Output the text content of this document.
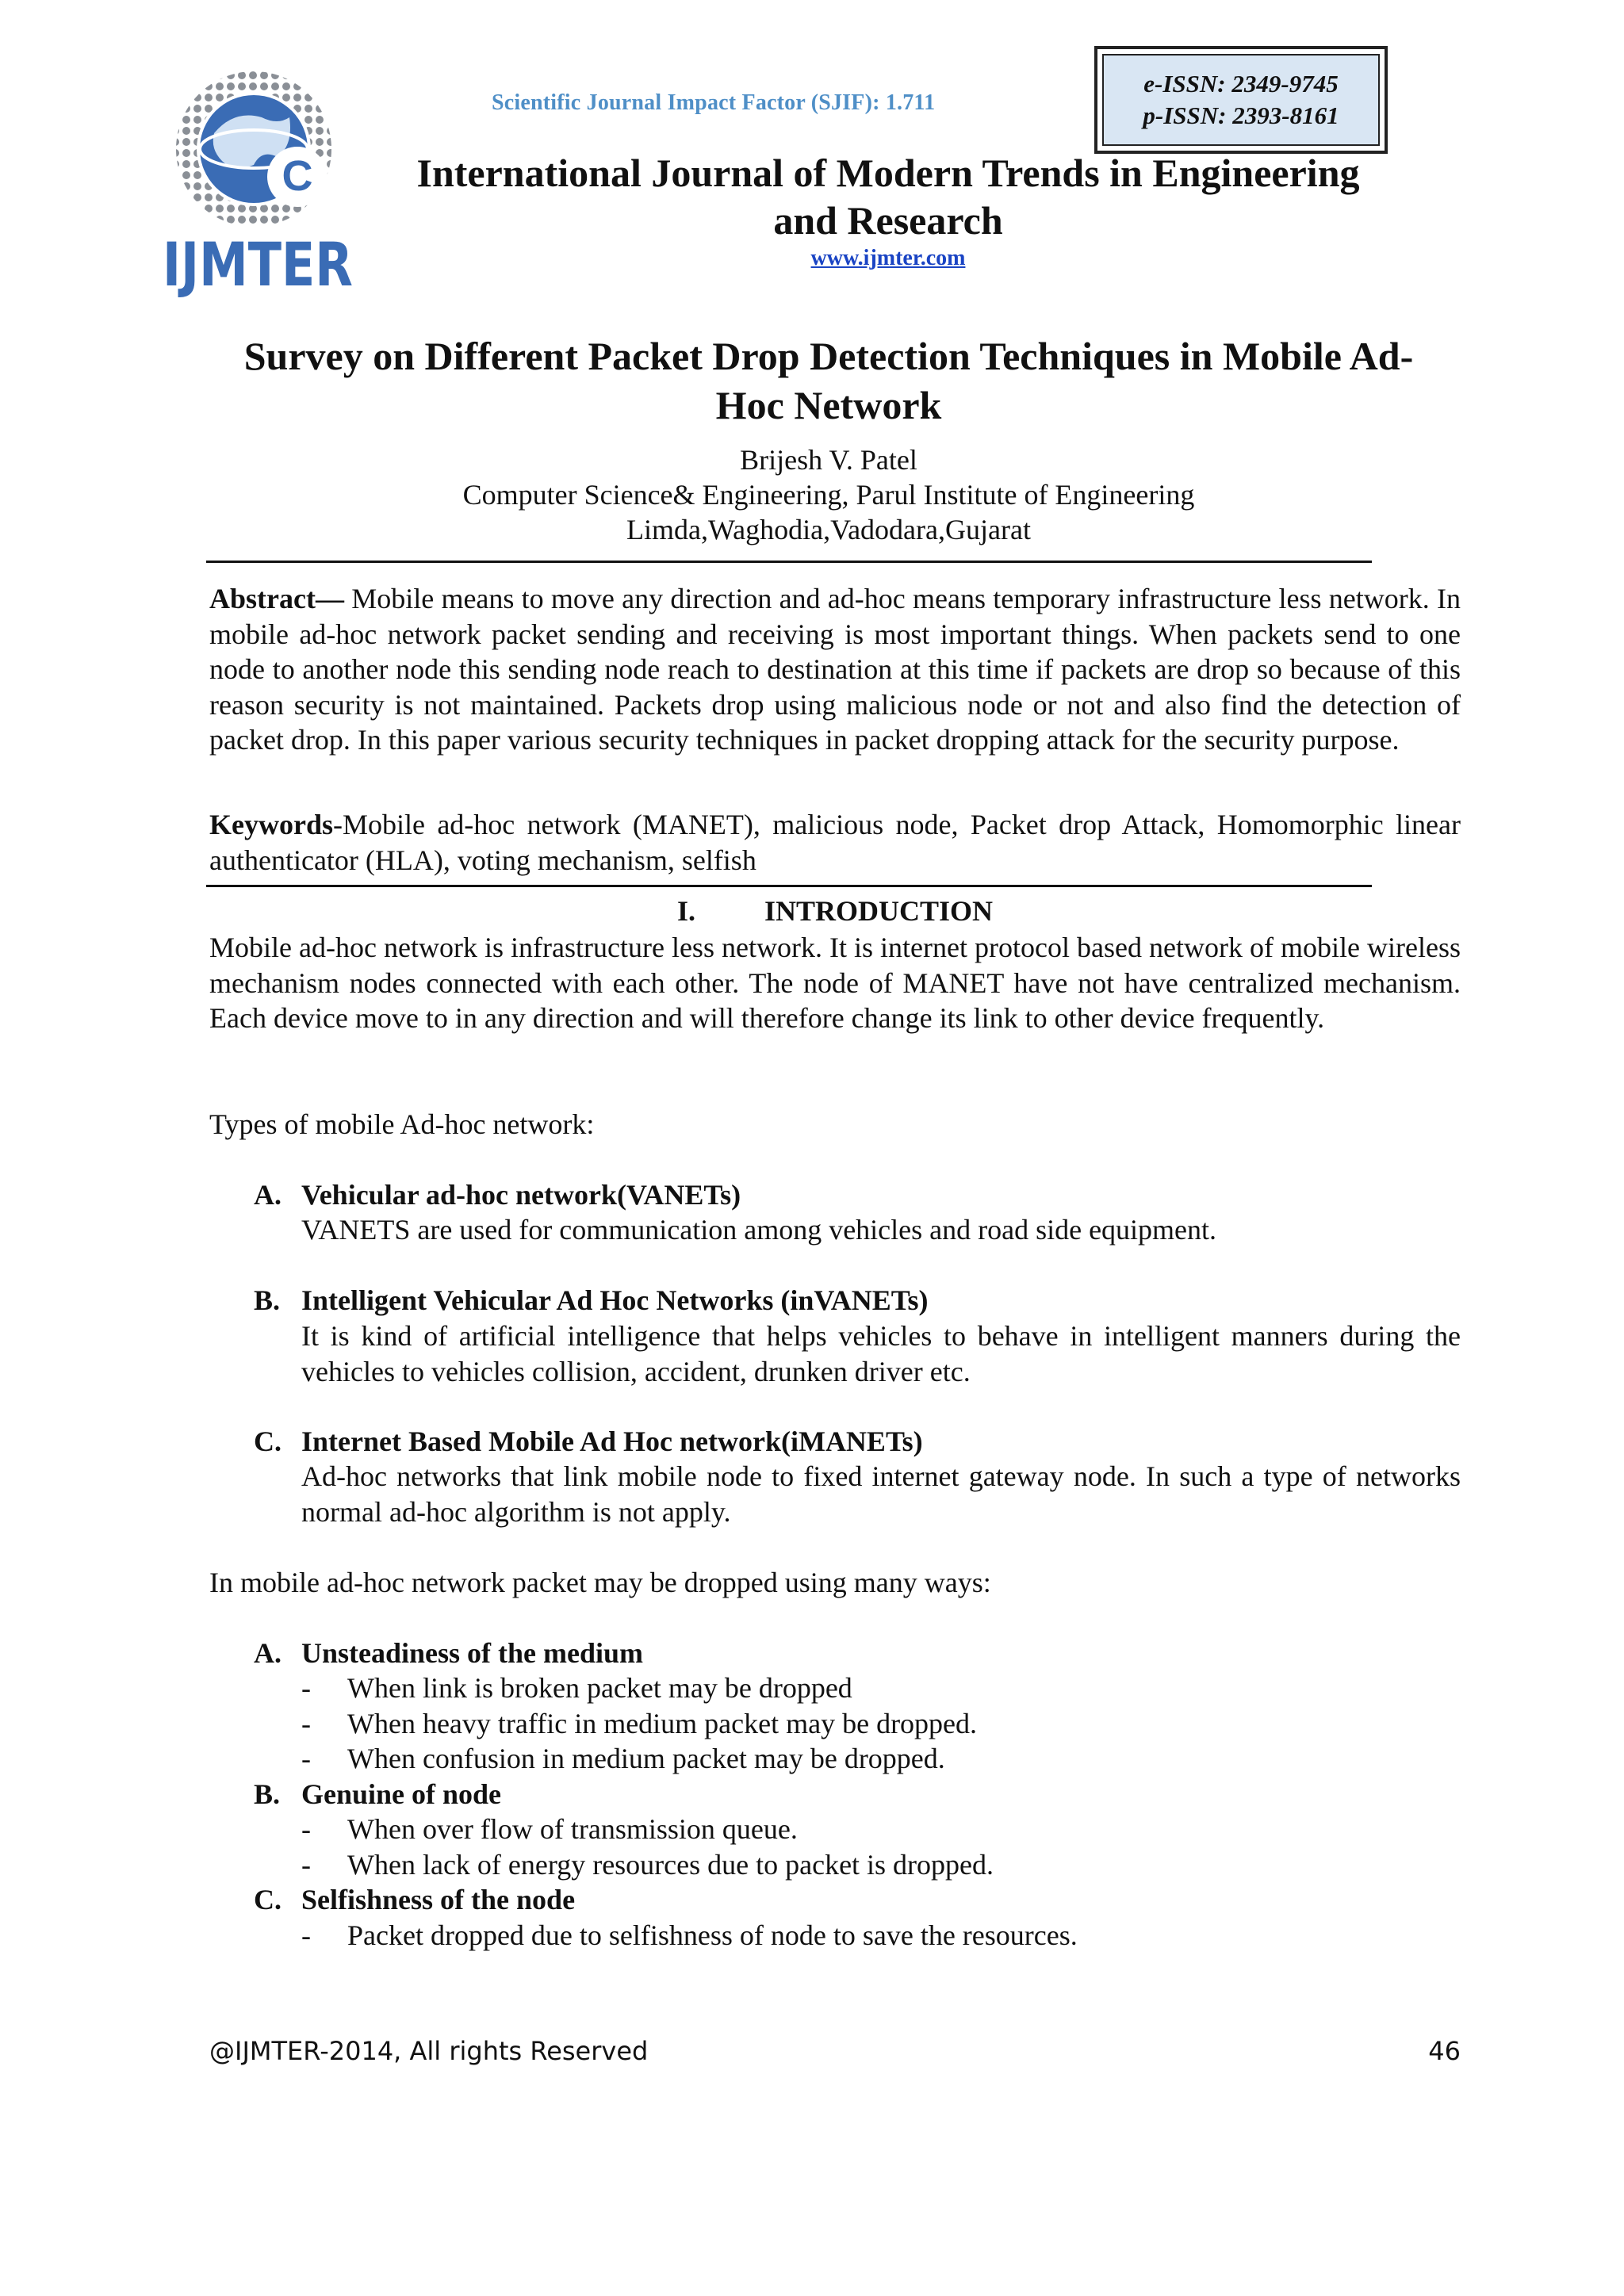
C
IJMTER
Scientific Journal Impact Factor (SJIF): 1.711
e-ISSN: 2349-9745
p-ISSN: 2393-8161
International Journal of Modern Trends in Engineering
and Research
www.ijmter.com
Survey on Different Packet Drop Detection Techniques in Mobile Ad-
Hoc Network
Brijesh V. Patel
Computer Science& Engineering, Parul Institute of Engineering
Limda,Waghodia,Vadodara,Gujarat
Abstract— Mobile means to move any direction and ad-hoc means temporary infrastructure less network. In mobile ad-hoc network packet sending and receiving is most important things. When packets send to one node to another node this sending node reach to destination at this time if packets are drop so because of this reason security is not maintained. Packets drop using malicious node or not and also find the detection of packet drop. In this paper various security techniques in packet dropping attack for the security purpose.
Keywords-Mobile ad-hoc network (MANET), malicious node, Packet drop Attack, Homomorphic linear authenticator (HLA), voting mechanism, selfish
I. INTRODUCTION
Mobile ad-hoc network is infrastructure less network. It is internet protocol based network of mobile wireless mechanism nodes connected with each other. The node of MANET have not have centralized mechanism. Each device move to in any direction and will therefore change its link to other device frequently.
Types of mobile Ad-hoc network:
A. Vehicular ad-hoc network(VANETs)
VANETS are used for communication among vehicles and road side equipment.
B. Intelligent Vehicular Ad Hoc Networks (inVANETs)
It is kind of artificial intelligence that helps vehicles to behave in intelligent manners during the vehicles to vehicles collision, accident, drunken driver etc.
C. Internet Based Mobile Ad Hoc network(iMANETs)
Ad-hoc networks that link mobile node to fixed internet gateway node. In such a type of networks normal ad-hoc algorithm is not apply.
In mobile ad-hoc network packet may be dropped using many ways:
A. Unsteadiness of the medium
- When link is broken packet may be dropped
- When heavy traffic in medium packet may be dropped.
- When confusion in medium packet may be dropped.
B. Genuine of node
- When over flow of transmission queue.
- When lack of energy resources due to packet is dropped.
C. Selfishness of the node
- Packet dropped due to selfishness of node to save the resources.
@IJMTER-2014, All rights Reserved	46
